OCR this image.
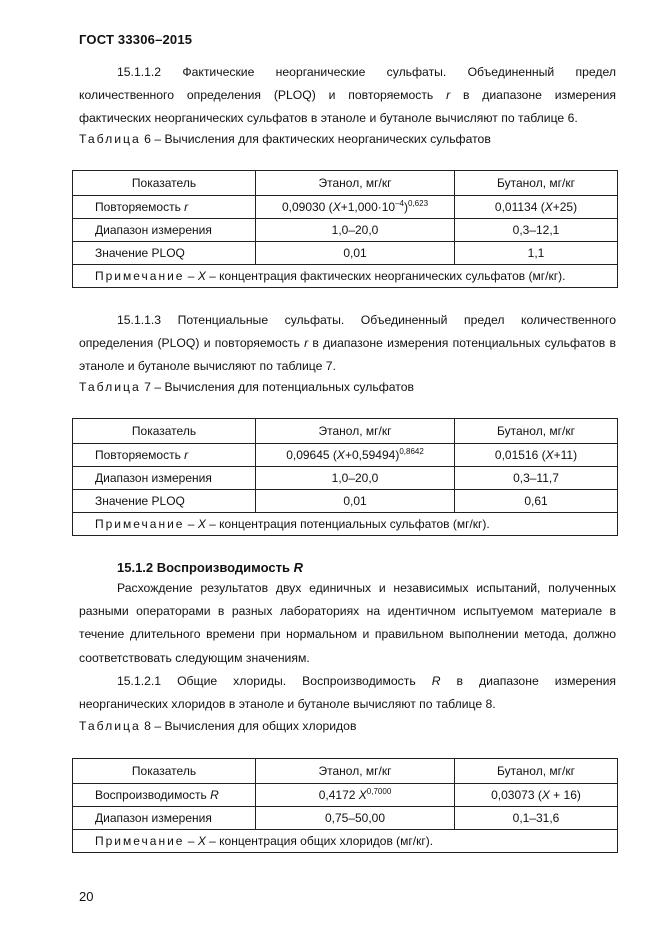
ГОСТ 33306–2015

15.1.1.2 Фактические неорганические сульфаты. Объединенный предел количественного определения (PLOQ) и повторяемость r в диапазоне измерения фактических неорганических сульфатов в этаноле и бутаноле вычисляют по таблице 6.

Таблица 6 – Вычисления для фактических неорганических сульфатов

Показатель	Этанол, мг/кг	Бутанол, мг/кг
Повторяемость r	0,09030 $(X+1,000\cdot 10^{-4})^{0,623}$	0,01134 (X+25)
Диапазон измерения	1,0–20,0	0,3–12,1
Значение PLOQ	0,01	1,1
Примечание – X – концентрация фактических неорганических сульфатов (мг/кг).		

15.1.1.3 Потенциальные сульфаты. Объединенный предел количественного определения (PLOQ) и повторяемость r в диапазоне измерения потенциальных сульфатов в этаноле и бутаноле вычисляют по таблице 7.

Таблица 7 – Вычисления для потенциальных сульфатов

Показатель	Этанол, мг/кг	Бутанол, мг/кг
Повторяемость r	0,09645 $(X+0,59494)^{0,8642}$	0,01516 (X+11)
Диапазон измерения	1,0–20,0	0,3–11,7
Значение PLOQ	0,01	0,61
Примечание – X – концентрация потенциальных сульфатов (мг/кг).		

15.1.2 Воспроизводимость R

Расхождение результатов двух единичных и независимых испытаний, полученных разными операторами в разных лабораториях на идентичном испытуемом материале в течение длительного времени при нормальном и правильном выполнении метода, должно соответствовать следующим значениям.

15.1.2.1 Общие хлориды. Воспроизводимость R в диапазоне измерения неорганических хлоридов в этаноле и бутаноле вычисляют по таблице 8.

Таблица 8 – Вычисления для общих хлоридов

Показатель	Этанол, мг/кг	Бутанол, мг/кг
Воспроизводимость R	0,4172 $X^{0,7000}$	0,03073 (X + 16)
Диапазон измерения	0,75–50,00	0,1–31,6
Примечание – X – концентрация общих хлоридов (мг/кг).		
20
